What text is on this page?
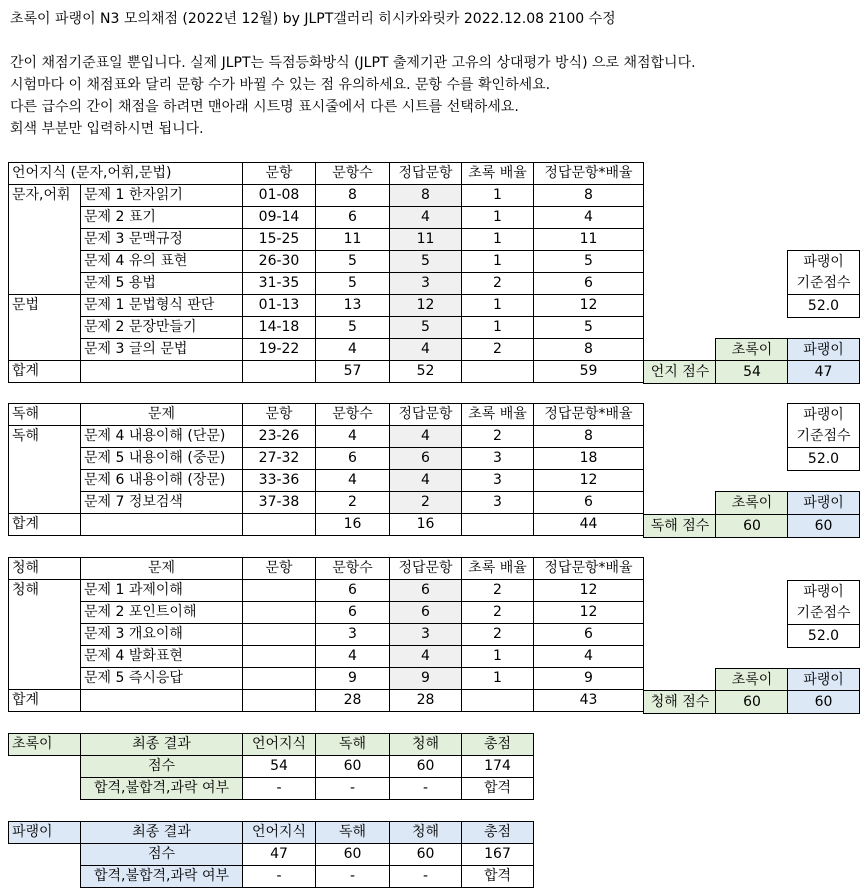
초록이 파랭이 N3 모의채점 (2022년 12월) by JLPT갤러리 히시카와릿카 2022.12.08 2100 수정
간이 채점기준표일 뿐입니다. 실제 JLPT는 득점등화방식 (JLPT 출제기관 고유의 상대평가 방식) 으로 채점합니다.
시험마다 이 채점표와 달리 문항 수가 바뀔 수 있는 점 유의하세요. 문항 수를 확인하세요.
다른 급수의 간이 채점을 하려면 맨아래 시트명 표시줄에서 다른 시트를 선택하세요.
회색 부분만 입력하시면 됩니다.
언어지식 (문자,어휘,문법)		문항	문항수	정답문항	초록 배율	정답문항*배율
문자,어휘	문제 1 한자읽기	01-08	8	8	1	8
	문제 2 표기	09-14	6	4	1	4
	문제 3 문맥규정	15-25	11	11	1	11
	문제 4 유의 표현	26-30	5	5	1	5
	문제 5 용법	31-35	5	3	2	6
문법	문제 1 문법형식 판단	01-13	13	12	1	12
	문제 2 문장만들기	14-18	5	5	1	5
	문제 3 글의 문법	19-22	4	4	2	8
합계			57	52		59
초록이	파랭이
언지 점수	54	47
파랭이
기준점수
52.0
독해	문제	문항	문항수	정답문항	초록 배율	정답문항*배율
독해	문제 4 내용이해 (단문)	23-26	4	4	2	8
	문제 5 내용이해 (중문)	27-32	6	6	3	18
	문제 6 내용이해 (장문)	33-36	4	4	3	12
	문제 7 정보검색	37-38	2	2	3	6
합계			16	16		44
파랭이
기준점수
52.0
초록이	파랭이
독해 점수	60	60
청해	문제	문항	문항수	정답문항	초록 배율	정답문항*배율
청해	문제 1 과제이해		6	6	2	12
	문제 2 포인트이해		6	6	2	12
	문제 3 개요이해		3	3	2	6
	문제 4 발화표현		4	4	1	4
	문제 5 즉시응답		9	9	1	9
합계			28	28		43
파랭이
기준점수
52.0
초록이	파랭이
청해 점수	60	60
초록이	최종 결과	언어지식	독해	청해	총점
	점수	54	60	60	174
	합격,불합격,과락 여부	-	-	-	합격
파랭이	최종 결과	언어지식	독해	청해	총점
	점수	47	60	60	167
	합격,불합격,과락 여부	-	-	-	합격
